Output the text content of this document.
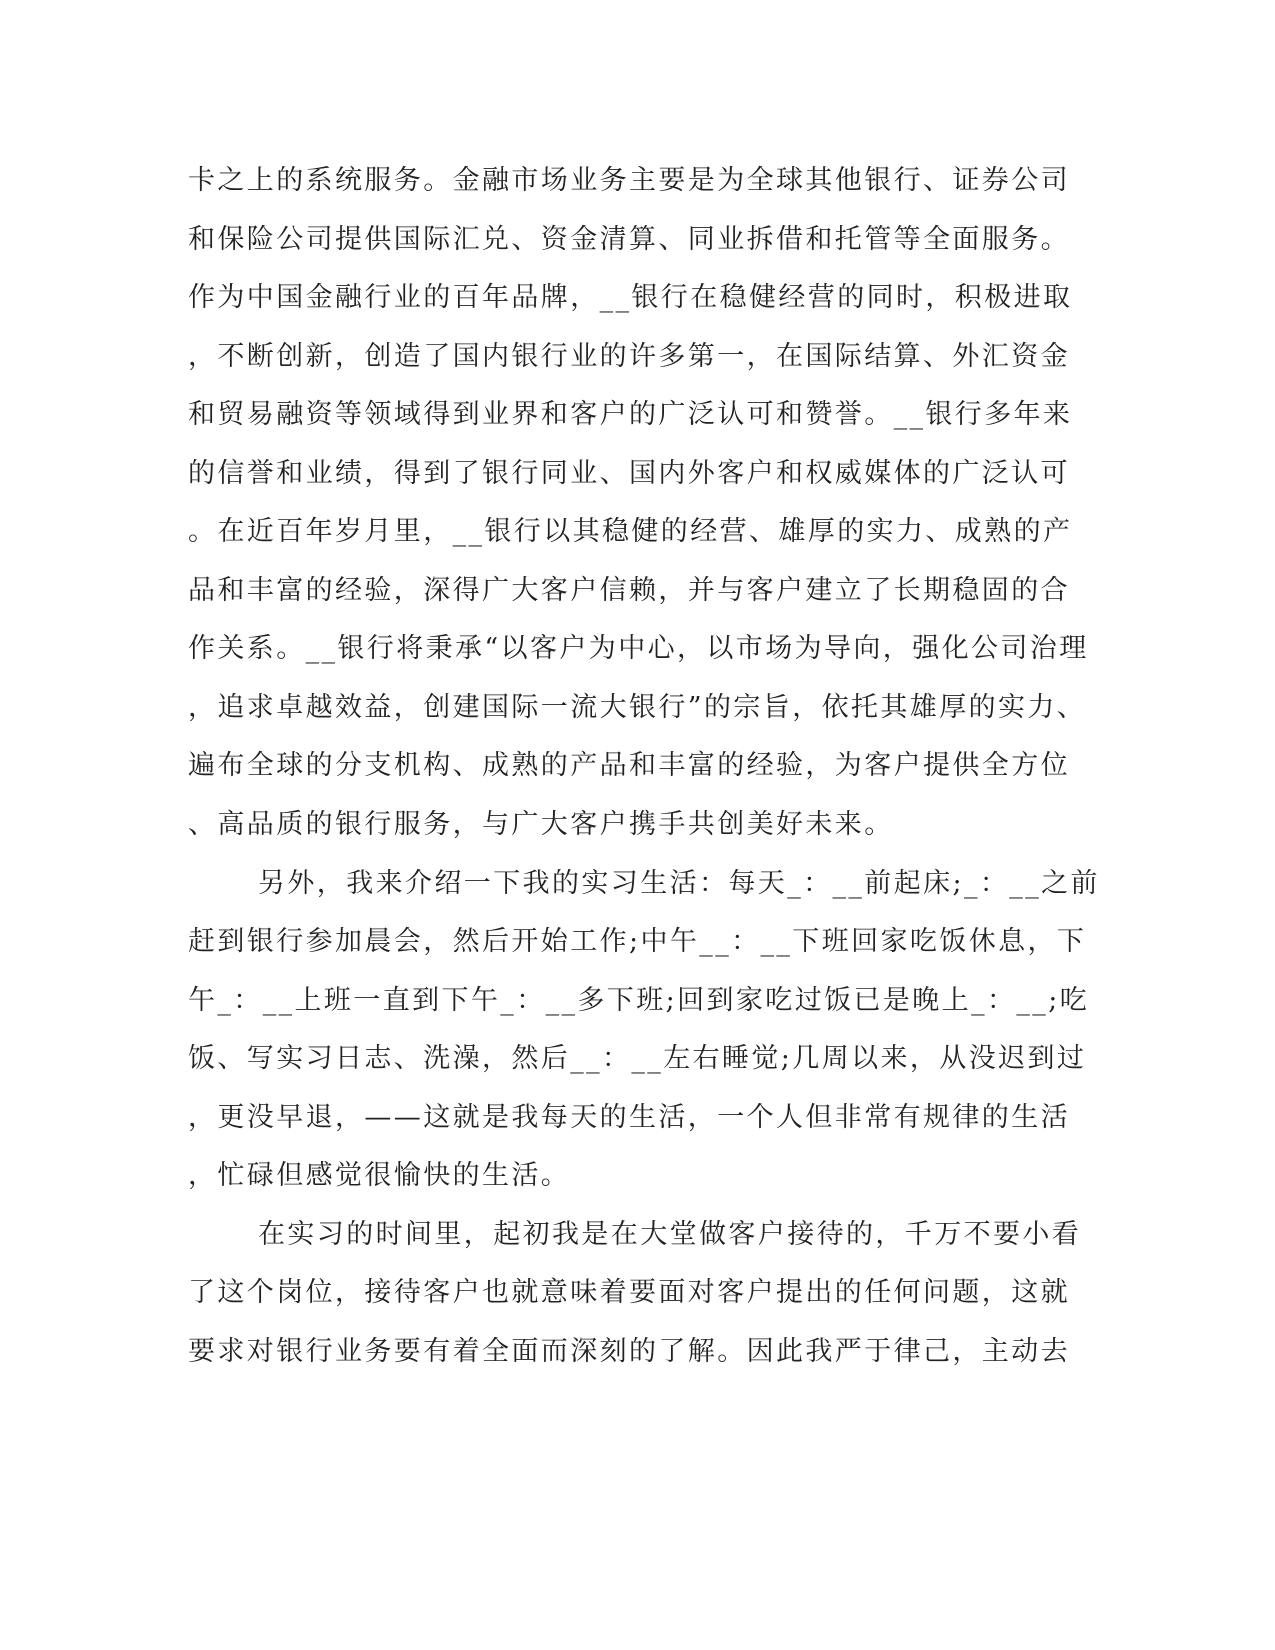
卡之上的系统服务。金融市场业务主要是为全球其他银行、证券公司
和保险公司提供国际汇兑、资金清算、同业拆借和托管等全面服务。
作为中国金融行业的百年品牌，__银行在稳健经营的同时，积极进取
，不断创新，创造了国内银行业的许多第一，在国际结算、外汇资金
和贸易融资等领域得到业界和客户的广泛认可和赞誉。__银行多年来
的信誉和业绩，得到了银行同业、国内外客户和权威媒体的广泛认可
。在近百年岁月里，__银行以其稳健的经营、雄厚的实力、成熟的产
品和丰富的经验，深得广大客户信赖，并与客户建立了长期稳固的合
作关系。__银行将秉承“以客户为中心，以市场为导向，强化公司治理
，追求卓越效益，创建国际一流大银行”的宗旨，依托其雄厚的实力、
遍布全球的分支机构、成熟的产品和丰富的经验，为客户提供全方位
、高品质的银行服务，与广大客户携手共创美好未来。
另外，我来介绍一下我的实习生活：每天_：__前起床;_：__之前
赶到银行参加晨会，然后开始工作;中午__：__下班回家吃饭休息，下
午_：__上班一直到下午_：__多下班;回到家吃过饭已是晚上_：__;吃
饭、写实习日志、洗澡，然后__：__左右睡觉;几周以来，从没迟到过
，更没早退，——这就是我每天的生活，一个人但非常有规律的生活
，忙碌但感觉很愉快的生活。
在实习的时间里，起初我是在大堂做客户接待的，千万不要小看
了这个岗位，接待客户也就意味着要面对客户提出的任何问题，这就
要求对银行业务要有着全面而深刻的了解。因此我严于律己，主动去
